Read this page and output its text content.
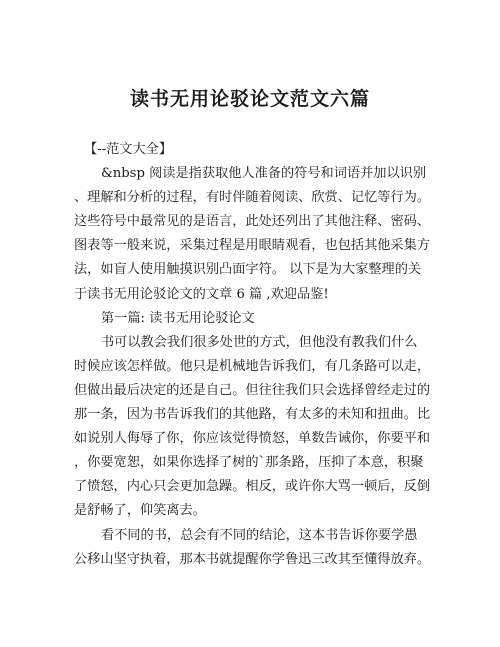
读书无用论驳论文范文六篇
【--范文大全】
&nbsp 阅读是指获取他人准备的符号和词语并加以识别
、理解和分析的过程，有时伴随着阅读、欣赏、记忆等行为。
这些符号中最常见的是语言，此处还列出了其他注释、密码、
图表等一般来说，采集过程是用眼睛观看，也包括其他采集方
法，如盲人使用触摸识别凸面字符。 以下是为大家整理的关
于读书无用论驳论文的文章 6 篇 ,欢迎品鉴!
第一篇: 读书无用论驳论文
书可以教会我们很多处世的方式，但他没有教我们什么
时候应该怎样做。他只是机械地告诉我们，有几条路可以走，
但做出最后决定的还是自己。但往往我们只会选择曾经走过的
那一条，因为书告诉我们的其他路，有太多的未知和扭曲。比
如说别人侮辱了你，你应该觉得愤怒，单数告诫你，你要平和
，你要宽恕，如果你选择了树的`那条路，压抑了本意，积聚
了愤怒，内心只会更加急躁。相反，或许你大骂一顿后，反倒
是舒畅了，仰笑离去。
看不同的书，总会有不同的结论，这本书告诉你要学愚
公移山坚守执着，那本书就提醒你学鲁迅三改其至懂得放弃。
